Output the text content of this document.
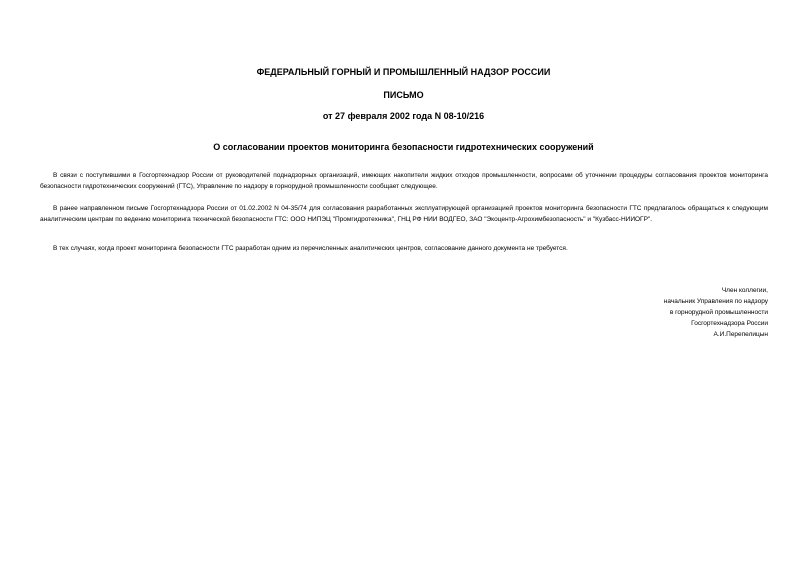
ФЕДЕРАЛЬНЫЙ ГОРНЫЙ И ПРОМЫШЛЕННЫЙ НАДЗОР РОССИИ
ПИСЬМО
от 27 февраля 2002 года N 08-10/216
О согласовании проектов мониторинга безопасности гидротехнических сооружений

В связи с поступившими в Госгортехнадзор России от руководителей поднадзорных организаций, имеющих накопители жидких отходов промышленности, вопросами об уточнении процедуры согласования проектов мониторинга безопасности гидротехнических сооружений (ГТС), Управление по надзору в горнорудной промышленности сообщает следующее.

В ранее направленном письме Госгортехнадзора России от 01.02.2002 N 04-35/74 для согласования разработанных эксплуатирующей организацией проектов мониторинга безопасности ГТС предлагалось обращаться к следующим аналитическим центрам по ведению мониторинга технической безопасности ГТС: ООО НИПЭЦ "Промгидротехника", ГНЦ РФ НИИ ВОДГЕО, ЗАО "Экоцентр-Агрохимбезопасность" и "Кузбасс-НИИОГР".

В тех случаях, когда проект мониторинга безопасности ГТС разработан одним из перечисленных аналитических центров, согласование данного документа не требуется.

Член коллегии,
начальник Управления по надзору
в горнорудной промышленности
Госгортехнадзора России
А.И.Перепелицын
